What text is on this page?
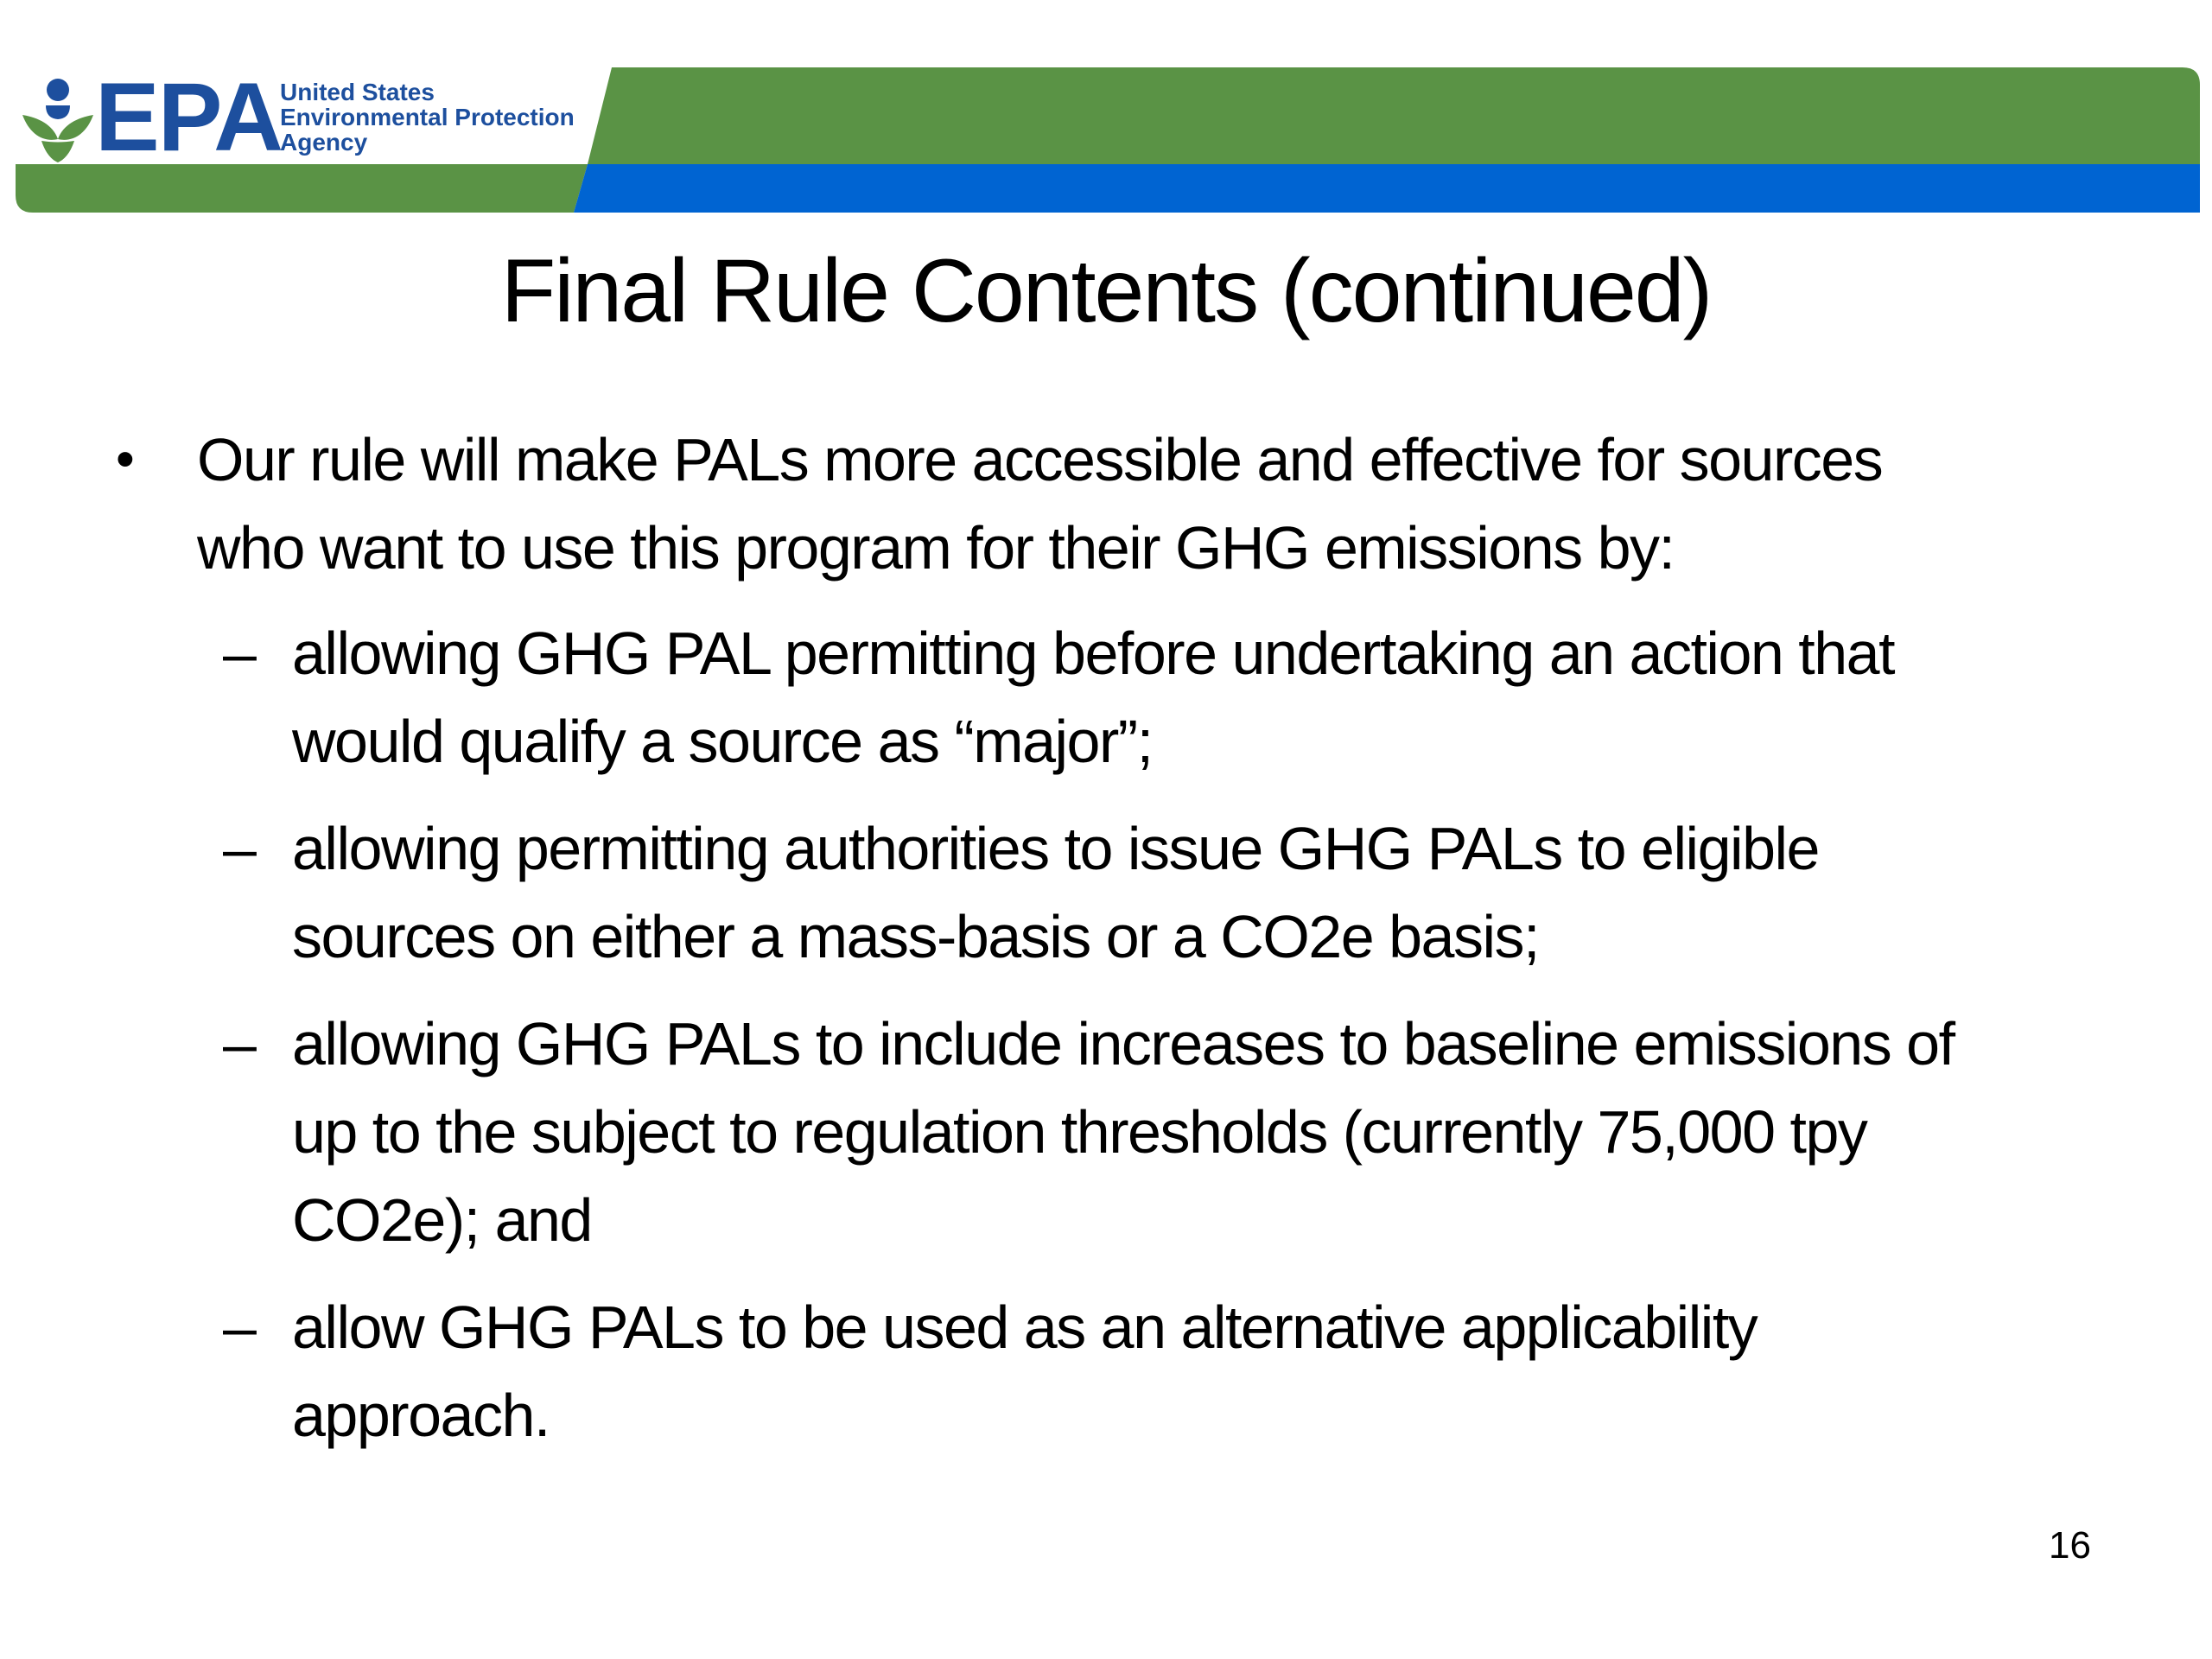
EPA
United States
Environmental Protection
Agency
Final Rule Contents (continued)
• Our rule will make PALs more accessible and effective for sources
who want to use this program for their GHG emissions by:
– allowing GHG PAL permitting before undertaking an action that
would qualify a source as “major”;
– allowing permitting authorities to issue GHG PALs to eligible
sources on either a mass-basis or a CO2e basis;
– allowing GHG PALs to include increases to baseline emissions of
up to the subject to regulation thresholds (currently 75,000 tpy
CO2e); and
– allow GHG PALs to be used as an alternative applicability
approach.
16
